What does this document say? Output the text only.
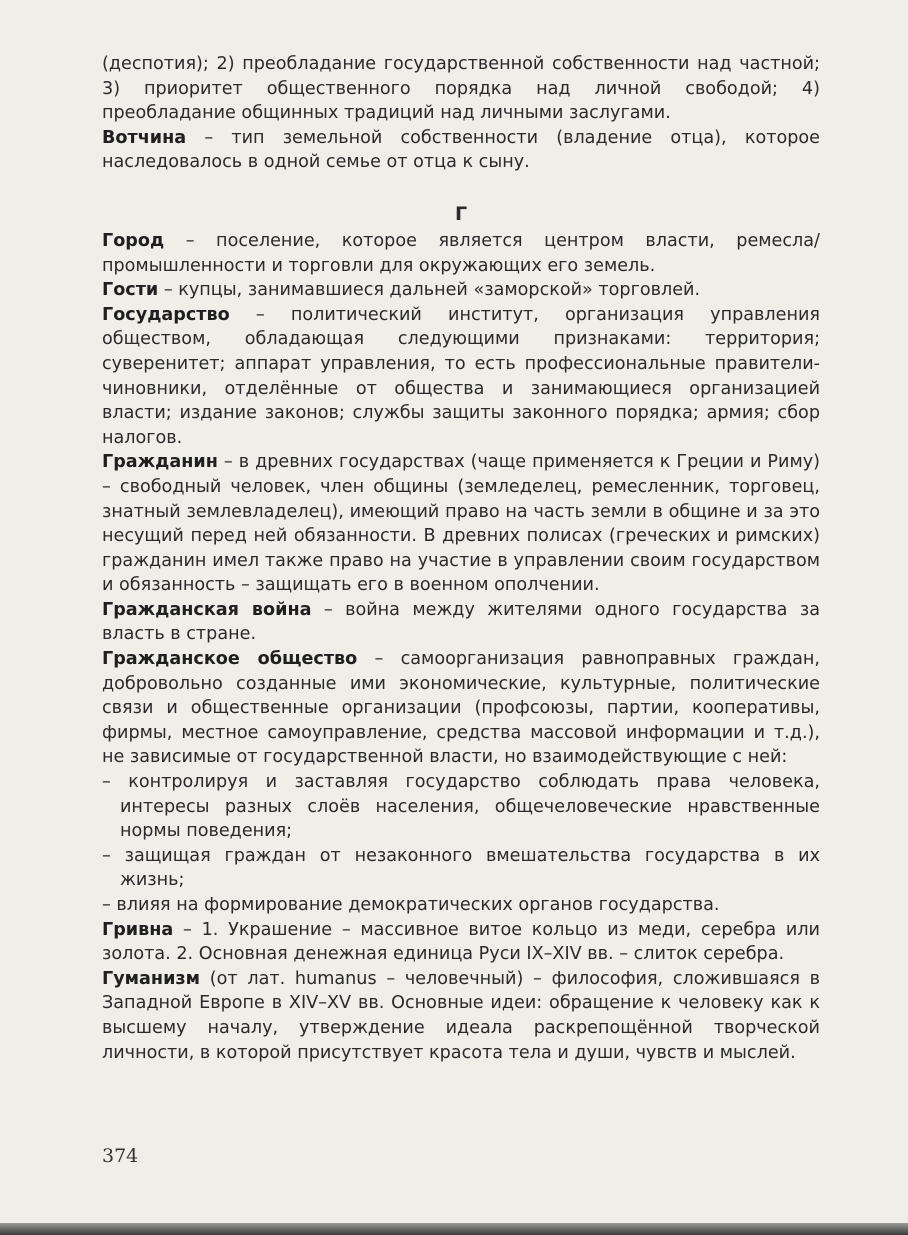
(деспотия); 2) преобладание государственной собственности над частной; 3) приоритет общественного порядка над личной свободой; 4) преобладание общинных традиций над личными заслугами.

Вотчина – тип земельной собственности (владение отца), которое наследовалось в одной семье от отца к сыну.

Г

Город – поселение, которое является центром власти, ремесла/промышленности и торговли для окружающих его земель.

Гости – купцы, занимавшиеся дальней «заморской» торговлей.

Государство – политический институт, организация управления обществом, обладающая следующими признаками: территория; суверенитет; аппарат управления, то есть профессиональные правители-чиновники, отделённые от общества и занимающиеся организацией власти; издание законов; службы защиты законного порядка; армия; сбор налогов.

Гражданин – в древних государствах (чаще применяется к Греции и Риму) – свободный человек, член общины (земледелец, ремесленник, торговец, знатный землевладелец), имеющий право на часть земли в общине и за это несущий перед ней обязанности. В древних полисах (греческих и римских) гражданин имел также право на участие в управлении своим государством и обязанность – защищать его в военном ополчении.

Гражданская война – война между жителями одного государства за власть в стране.

Гражданское общество – самоорганизация равноправных граждан, добровольно созданные ими экономические, культурные, политические связи и общественные организации (профсоюзы, партии, кооперативы, фирмы, местное самоуправление, средства массовой информации и т.д.), не зависимые от государственной власти, но взаимодействующие с ней:

– контролируя и заставляя государство соблюдать права человека, интересы разных слоёв населения, общечеловеческие нравственные нормы поведения;

– защищая граждан от незаконного вмешательства государства в их жизнь;

– влияя на формирование демократических органов государства.

Гривна – 1. Украшение – массивное витое кольцо из меди, серебра или золота. 2. Основная денежная единица Руси IX–XIV вв. – слиток серебра.

Гуманизм (от лат. humanus – человечный) – философия, сложившаяся в Западной Европе в XIV–XV вв. Основные идеи: обращение к человеку как к высшему началу, утверждение идеала раскрепощённой творческой личности, в которой присутствует красота тела и души, чувств и мыслей.

374
